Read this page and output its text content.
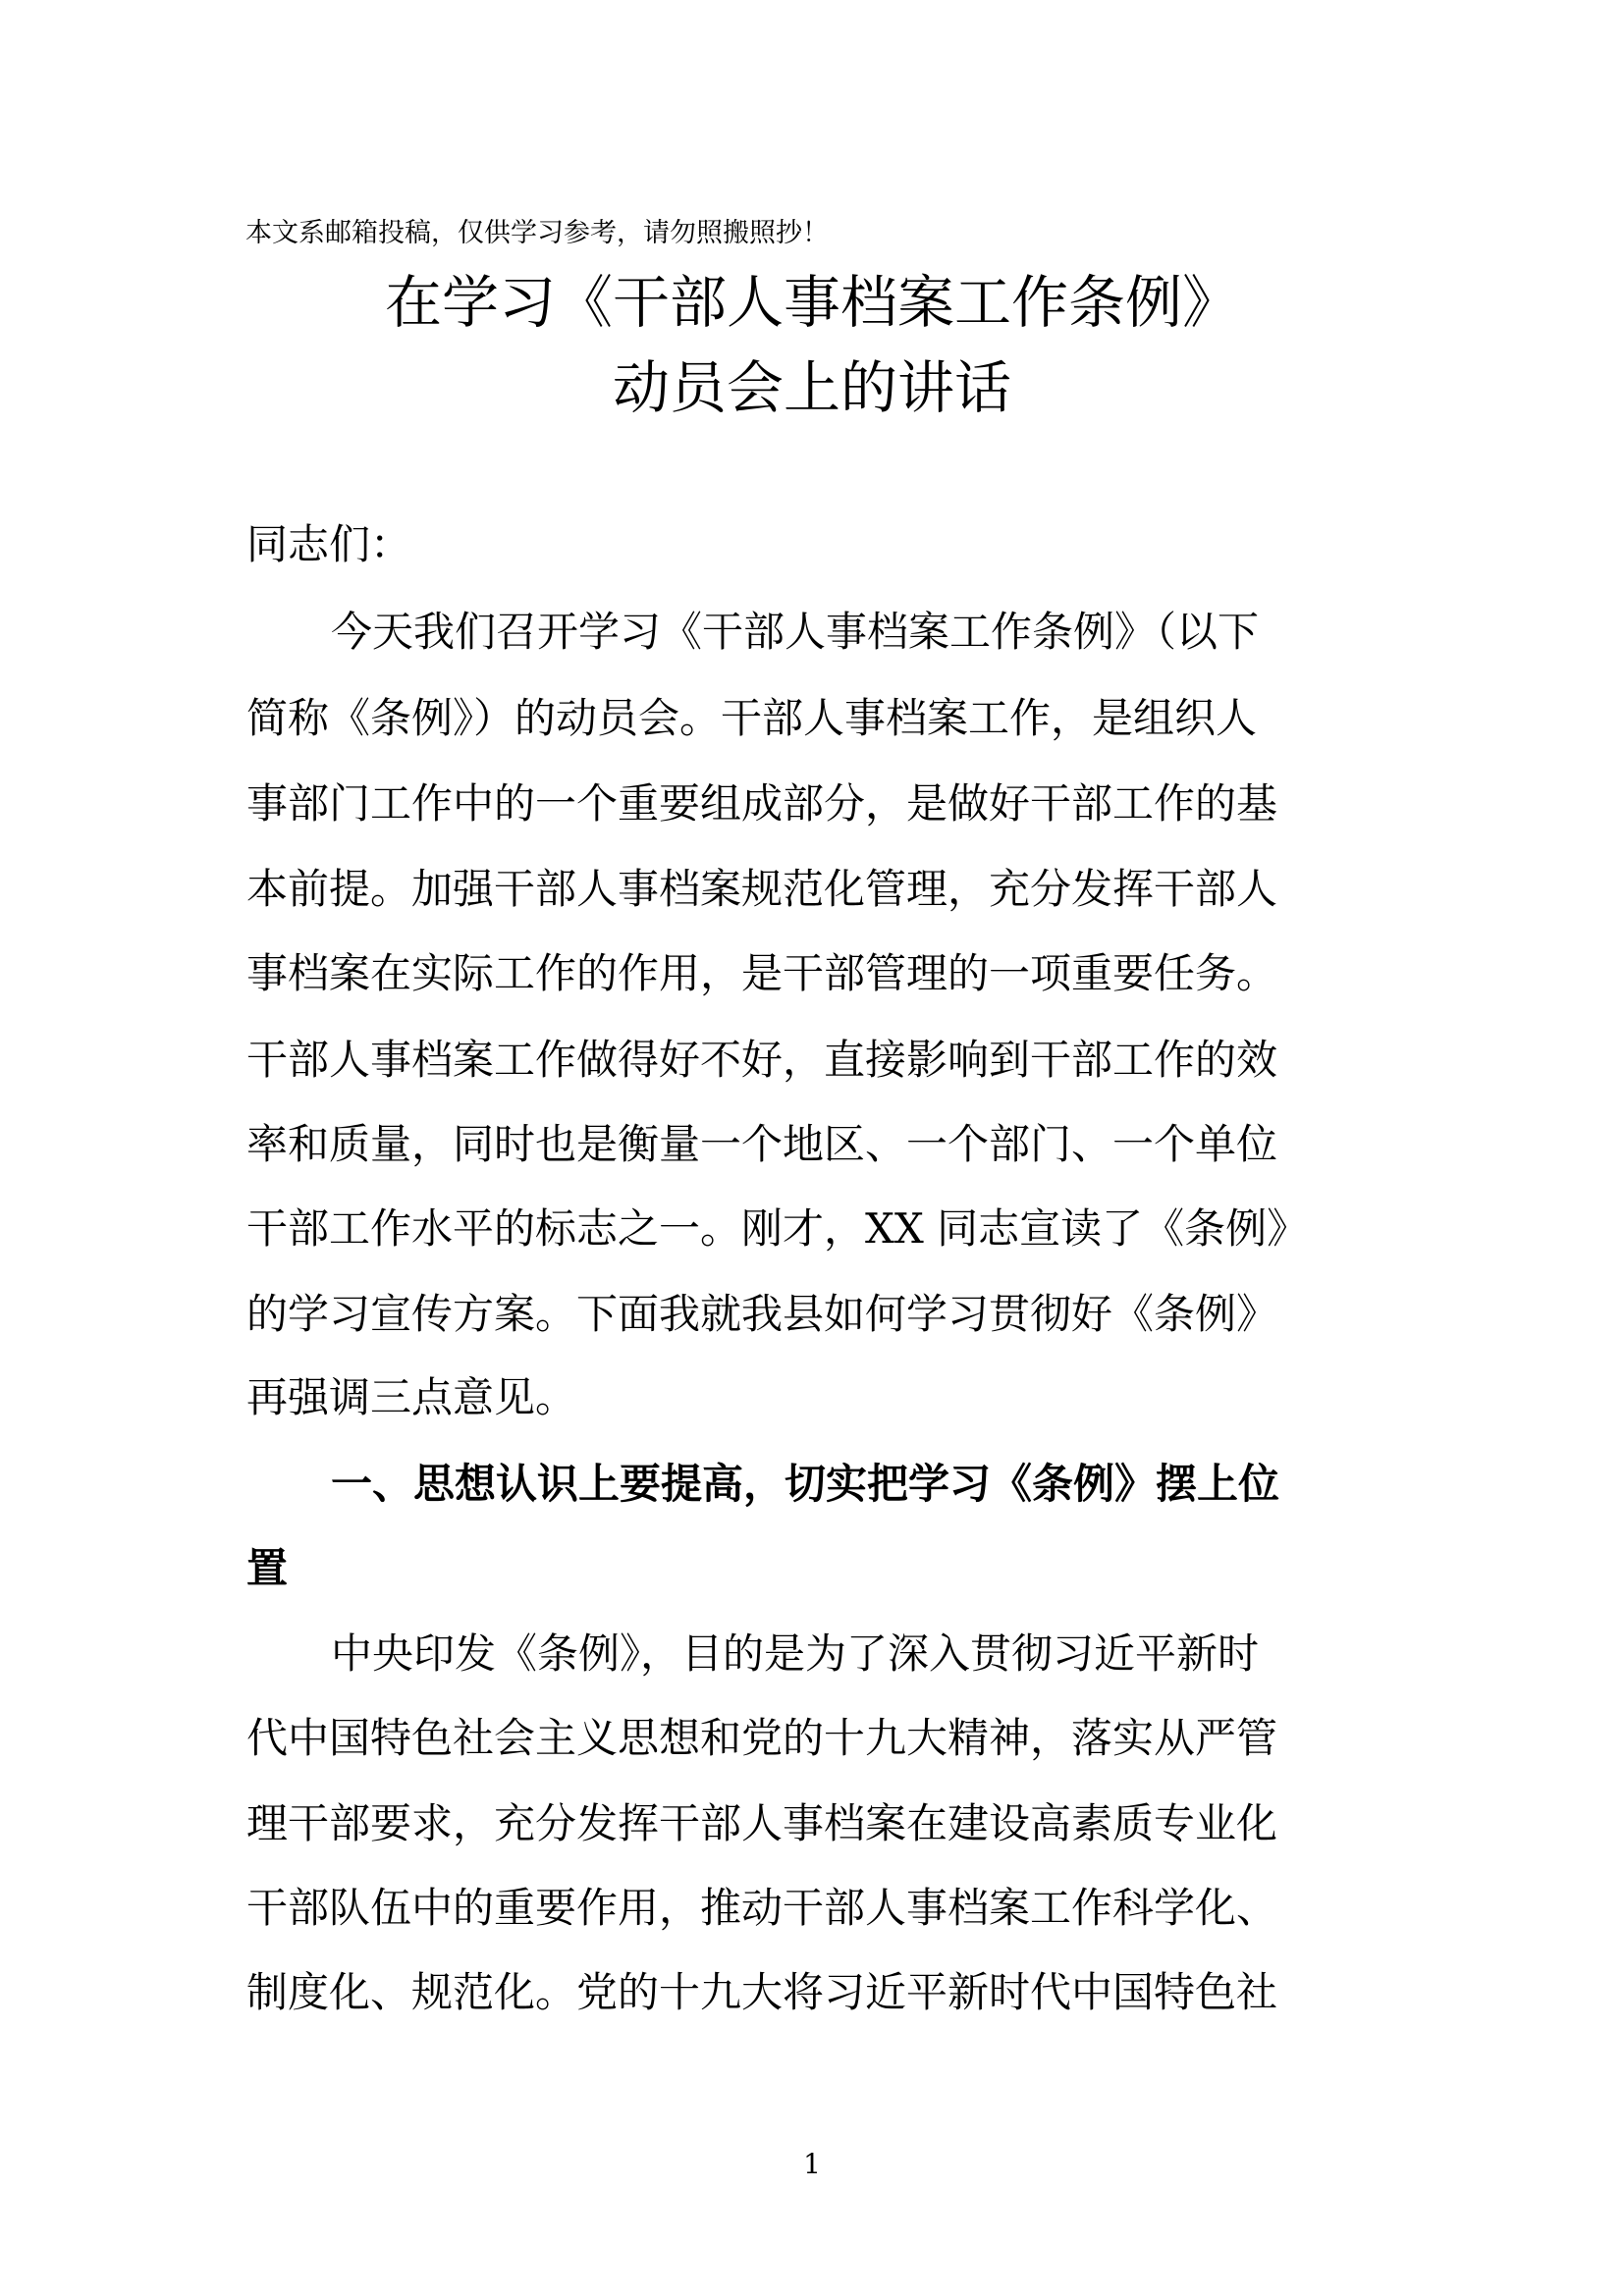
本文系邮箱投稿，仅供学习参考，请勿照搬照抄！
在学习《干部人事档案工作条例》
动员会上的讲话
同志们：
今天我们召开学习《干部人事档案工作条例》（以下
简称《条例》）的动员会。干部人事档案工作，是组织人
事部门工作中的一个重要组成部分，是做好干部工作的基
本前提。加强干部人事档案规范化管理，充分发挥干部人
事档案在实际工作的作用，是干部管理的一项重要任务。
干部人事档案工作做得好不好，直接影响到干部工作的效
率和质量，同时也是衡量一个地区、一个部门、一个单位
干部工作水平的标志之一。刚才，XX 同志宣读了《条例》
的学习宣传方案。下面我就我县如何学习贯彻好《条例》
再强调三点意见。
一、思想认识上要提高，切实把学习《条例》摆上位
置
中央印发《条例》，目的是为了深入贯彻习近平新时
代中国特色社会主义思想和党的十九大精神，落实从严管
理干部要求，充分发挥干部人事档案在建设高素质专业化
干部队伍中的重要作用，推动干部人事档案工作科学化、
制度化、规范化。党的十九大将习近平新时代中国特色社
1
